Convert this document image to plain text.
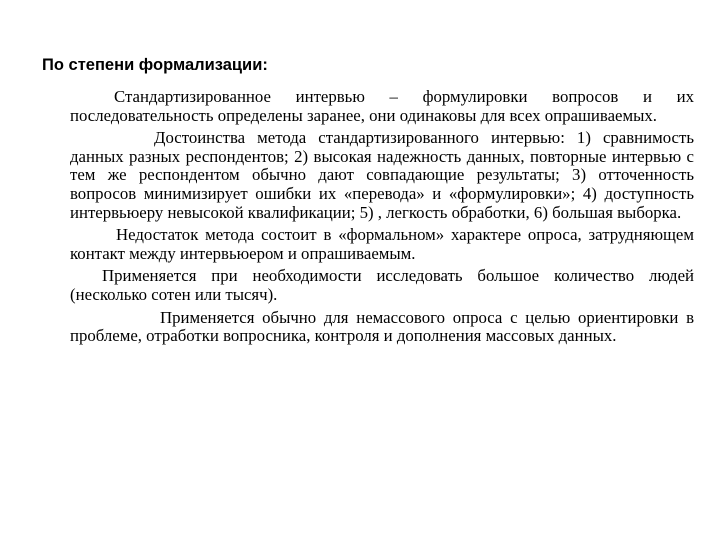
По степени формализации:

Стандартизированное интервью – формулировки вопросов и их последовательность определены заранее, они одинаковы для всех опрашиваемых.

Достоинства метода стандартизированного интервью: 1) сравнимость данных разных респондентов; 2) высокая надежность данных, повторные интервью с тем же респондентом обычно дают совпадающие результаты; 3) отточенность вопросов минимизирует ошибки их «перевода» и «формулировки»; 4) доступность интервьюеру невысокой квалификации; 5) , легкость обработки, 6) большая выборка.

Недостаток метода состоит в «формальном» характере опроса, затрудняющем контакт между интервьюером и опрашиваемым.

Применяется при необходимости исследовать большое количество людей (несколько сотен или тысяч).

Применяется обычно для немассового опроса с целью ориентировки в проблеме, отработки вопросника, контроля и дополнения массовых данных.
